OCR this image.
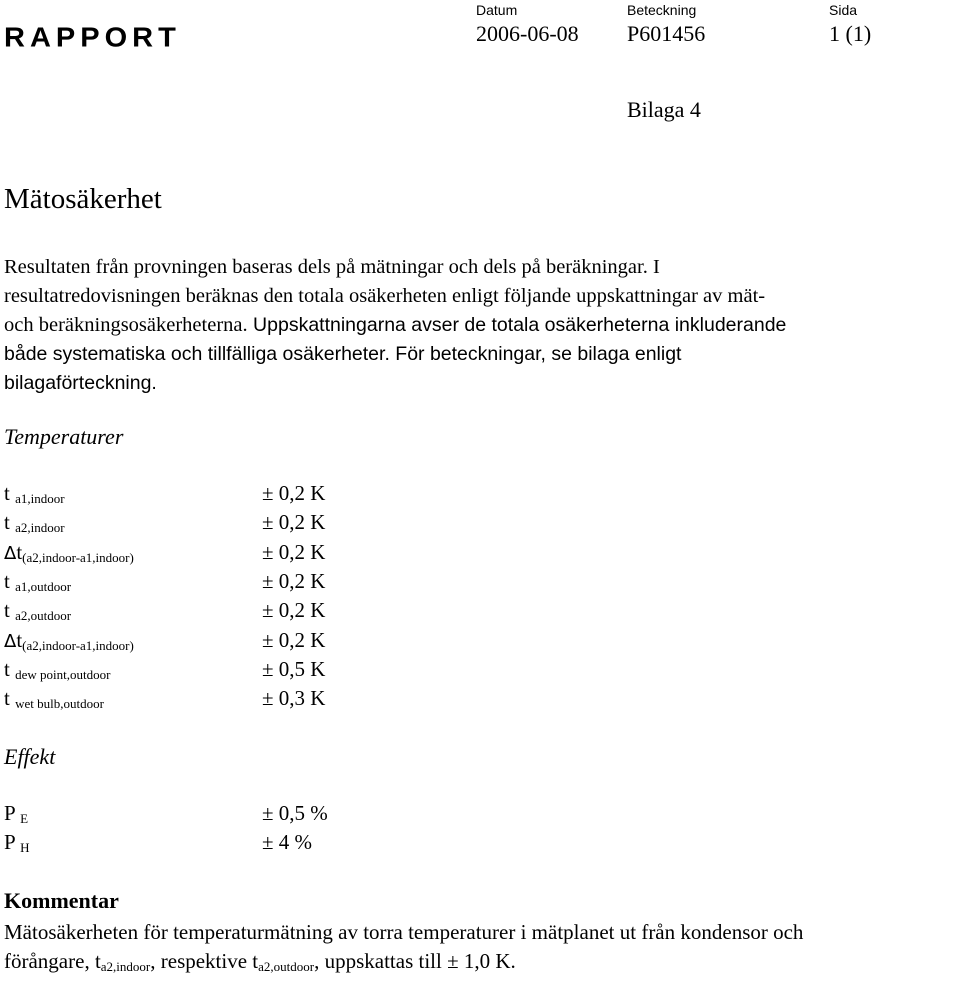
RAPPORT
Datum
2006-06-08
Beteckning
P601456
Sida
1 (1)
Bilaga 4
Mätosäkerhet
Resultaten från provningen baseras dels på mätningar och dels på beräkningar. I
resultatredovisningen beräknas den totala osäkerheten enligt följande uppskattningar av mät-
och beräkningsosäkerheterna. Uppskattningarna avser de totala osäkerheterna inkluderande
både systematiska och tillfälliga osäkerheter. För beteckningar, se bilaga enligt
bilagaförteckning.
Temperaturer
t $_{a1,indoor}$	± 0,2 K
t $_{a2,indoor}$	± 0,2 K
$\Delta t_{(a2,indoor-a1,indoor)}$	± 0,2 K
t $_{a1,outdoor}$	± 0,2 K
t $_{a2,outdoor}$	± 0,2 K
$\Delta t_{(a2,indoor-a1,indoor)}$	± 0,2 K
t $_{dew point,outdoor}$	± 0,5 K
t $_{wet bulb,outdoor}$	± 0,3 K
Effekt
P $_E$	± 0,5 %
P $_H$	± 4 %
Kommentar
Mätosäkerheten för temperaturmätning av torra temperaturer i mätplanet ut från kondensor och
förångare, $t_{a2,indoor}$, respektive $t_{a2,outdoor}$, uppskattas till ± 1,0 K.
